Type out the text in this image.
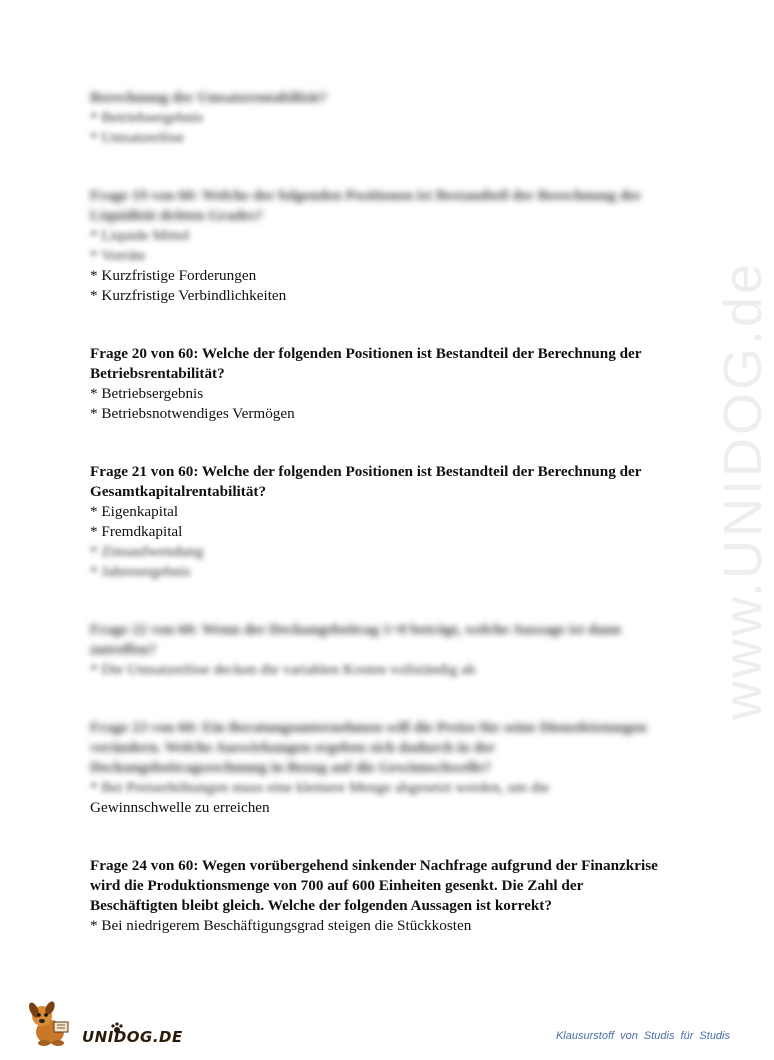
www.UNIDOG.de

Berechnung der Umsatzrentabilität?

* Betriebsergebnis

* Umsatzerlöse

Frage 19 von 60: Welche der folgenden Positionen ist Bestandteil der Berechnung der Liquidität dritten Grades?

* Liquide Mittel

* Vorräte

* Kurzfristige Forderungen

* Kurzfristige Verbindlichkeiten

Frage 20 von 60: Welche der folgenden Positionen ist Bestandteil der Berechnung der Betriebsrentabilität?

* Betriebsergebnis

* Betriebsnotwendiges Vermögen

Frage 21 von 60: Welche der folgenden Positionen ist Bestandteil der Berechnung der Gesamtkapitalrentabilität?

* Eigenkapital

* Fremdkapital

* Zinsaufwendung

* Jahresergebnis

Frage 22 von 60: Wenn der Deckungsbeitrag 1=0 beträgt, welche Aussage ist dann zutreffen?

* Die Umsatzerlöse decken die variablen Kosten vollständig ab

Frage 23 von 60: Ein Beratungsunternehmen will die Preise für seine Dienstleistungen verändern. Welche Auswirkungen ergeben sich dadurch in der Deckungsbeitragsrechnung in Bezug auf die Gewinnschwelle?

* Bei Preiserhöhungen muss eine kleinere Menge abgesetzt werden, um die

Gewinnschwelle zu erreichen

Frage 24 von 60: Wegen vorübergehend sinkender Nachfrage aufgrund der Finanzkrise wird die Produktionsmenge von 700 auf 600 Einheiten gesenkt. Die Zahl der Beschäftigten bleibt gleich. Welche der folgenden Aussagen ist korrekt?

* Bei niedrigerem Beschäftigungsgrad steigen die Stückkosten

UNIDOG.DE	Klausurstoff von Studis für Studis
